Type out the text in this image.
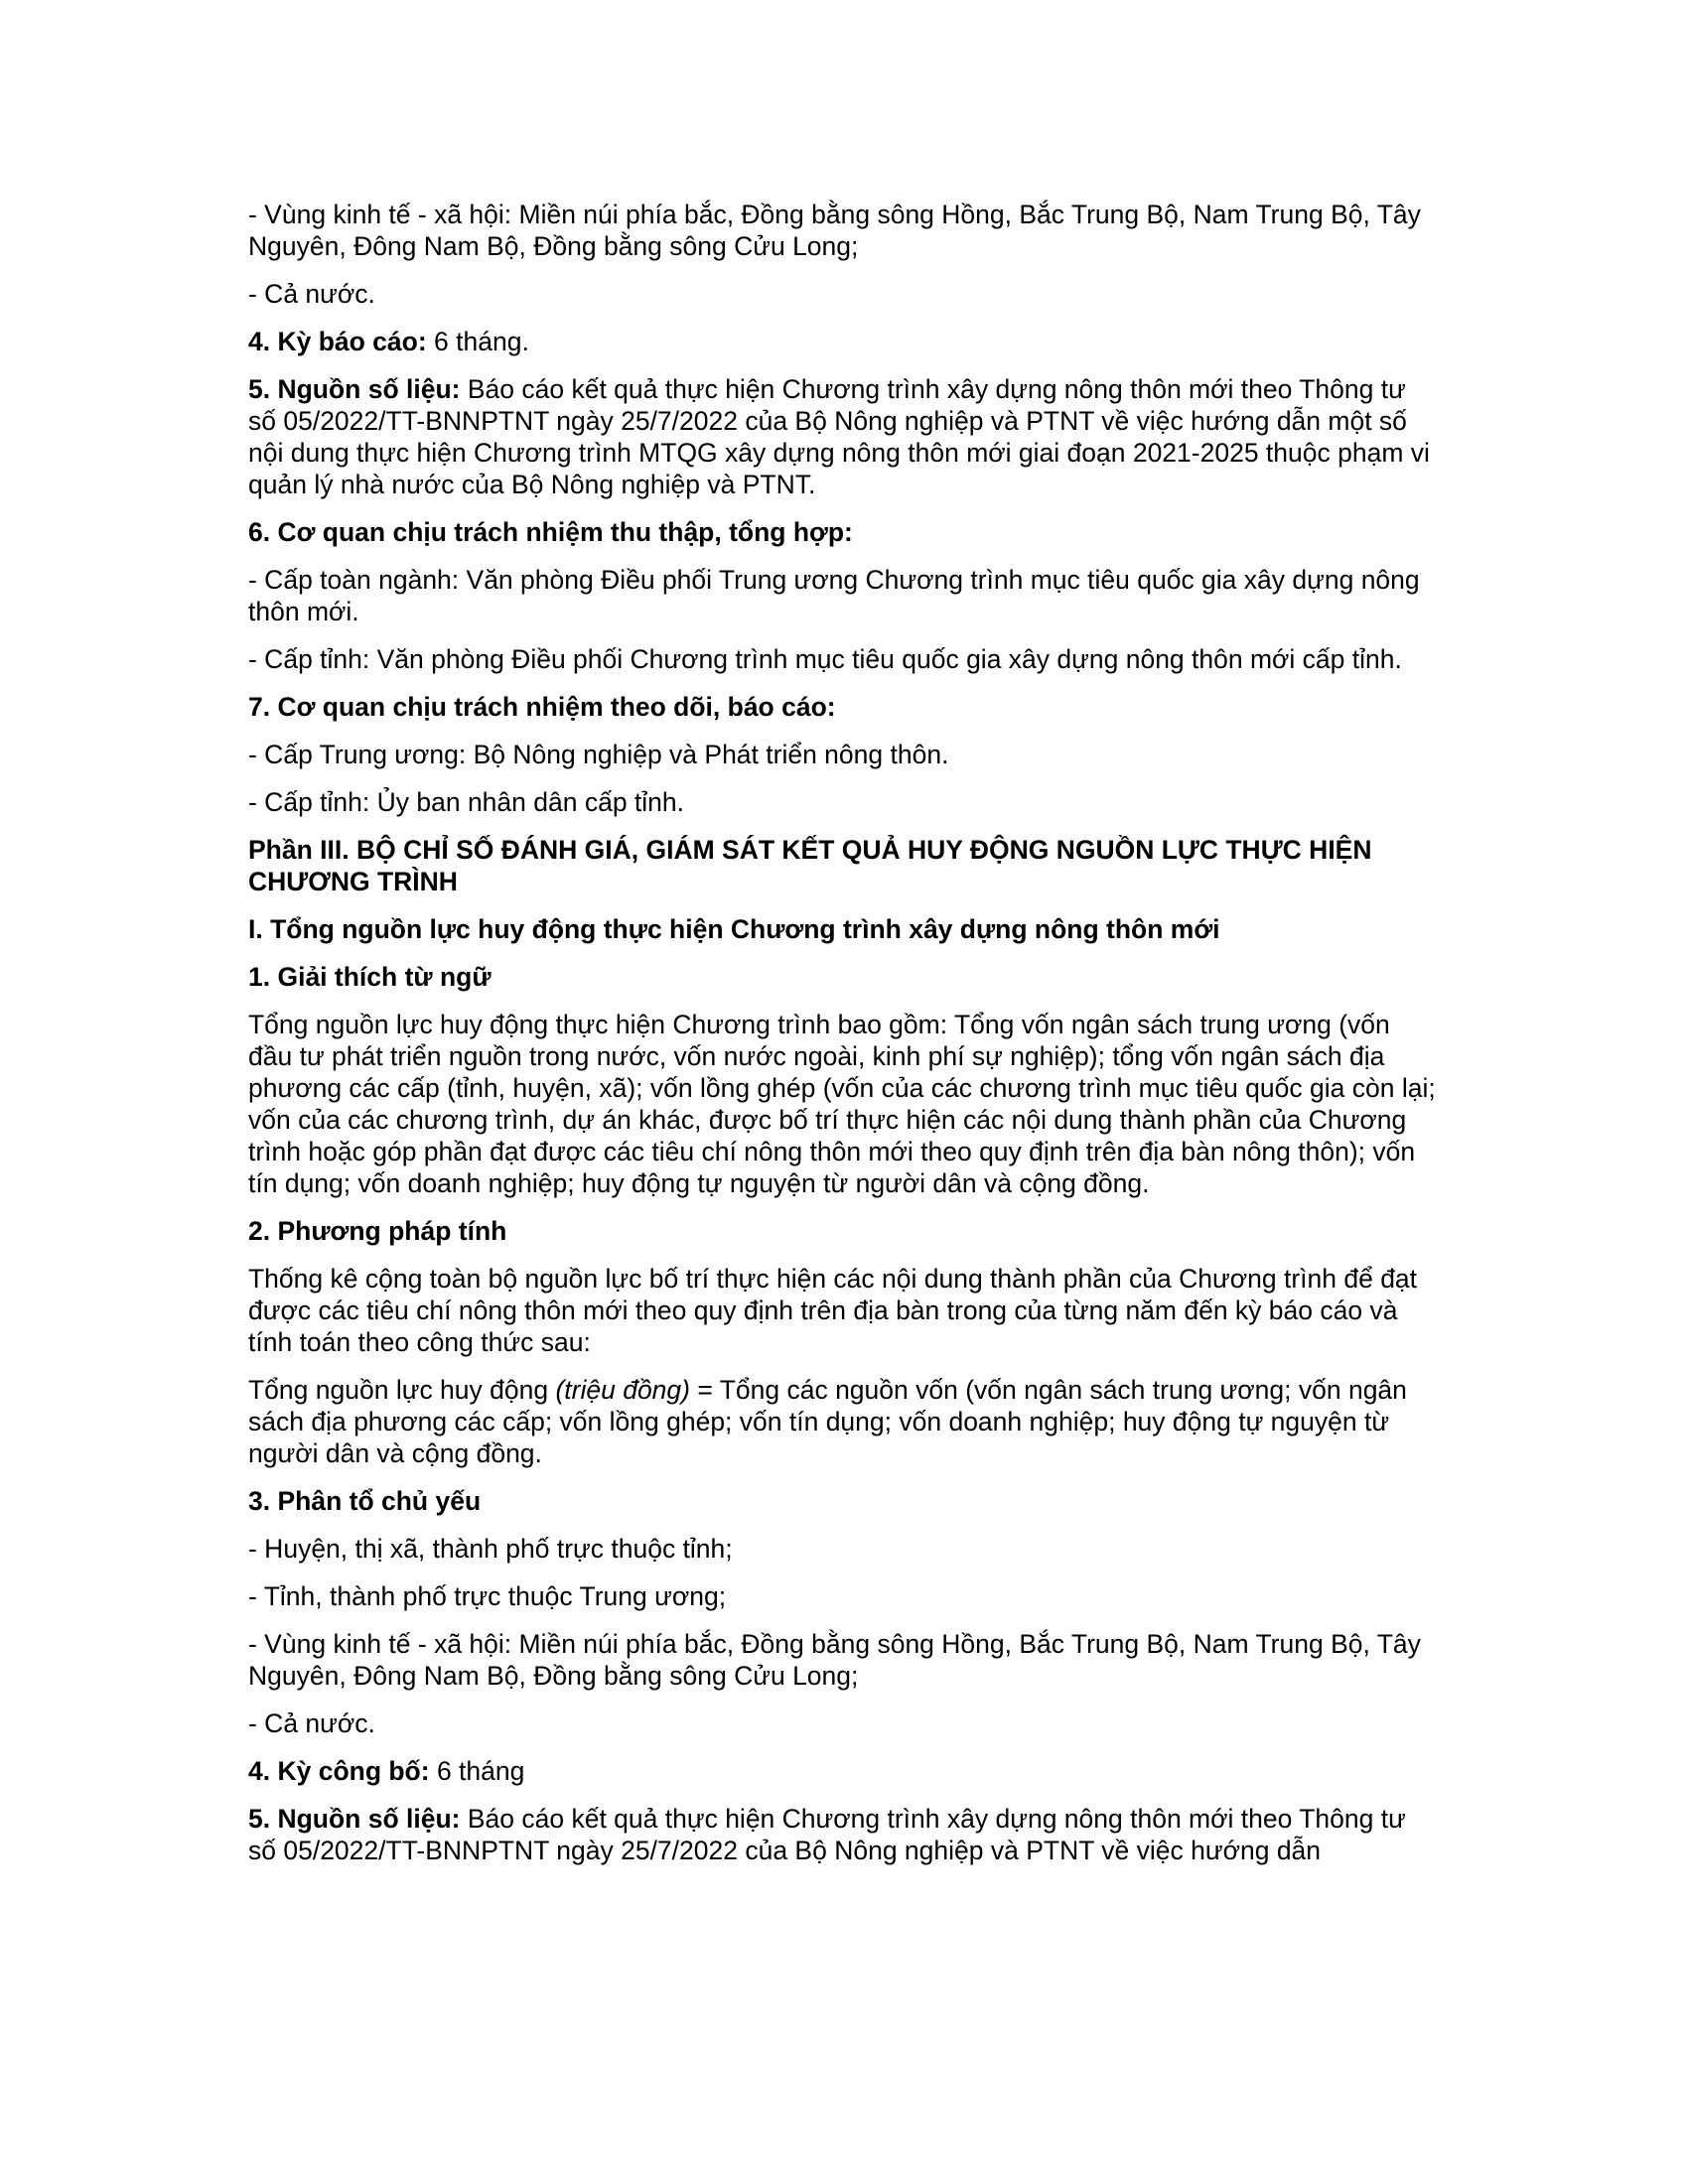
- Vùng kinh tế - xã hội: Miền núi phía bắc, Đồng bằng sông Hồng, Bắc Trung Bộ, Nam Trung Bộ, Tây Nguyên, Đông Nam Bộ, Đồng bằng sông Cửu Long;

- Cả nước.

4. Kỳ báo cáo: 6 tháng.

5. Nguồn số liệu: Báo cáo kết quả thực hiện Chương trình xây dựng nông thôn mới theo Thông tư số 05/2022/TT-BNNPTNT ngày 25/7/2022 của Bộ Nông nghiệp và PTNT về việc hướng dẫn một số nội dung thực hiện Chương trình MTQG xây dựng nông thôn mới giai đoạn 2021-2025 thuộc phạm vi quản lý nhà nước của Bộ Nông nghiệp và PTNT.

6. Cơ quan chịu trách nhiệm thu thập, tổng hợp:

- Cấp toàn ngành: Văn phòng Điều phối Trung ương Chương trình mục tiêu quốc gia xây dựng nông thôn mới.

- Cấp tỉnh: Văn phòng Điều phối Chương trình mục tiêu quốc gia xây dựng nông thôn mới cấp tỉnh.

7. Cơ quan chịu trách nhiệm theo dõi, báo cáo:

- Cấp Trung ương: Bộ Nông nghiệp và Phát triển nông thôn.

- Cấp tỉnh: Ủy ban nhân dân cấp tỉnh.

Phần III. BỘ CHỈ SỐ ĐÁNH GIÁ, GIÁM SÁT KẾT QUẢ HUY ĐỘNG NGUỒN LỰC THỰC HIỆN CHƯƠNG TRÌNH

I. Tổng nguồn lực huy động thực hiện Chương trình xây dựng nông thôn mới

1. Giải thích từ ngữ

Tổng nguồn lực huy động thực hiện Chương trình bao gồm: Tổng vốn ngân sách trung ương (vốn đầu tư phát triển nguồn trong nước, vốn nước ngoài, kinh phí sự nghiệp); tổng vốn ngân sách địa phương các cấp (tỉnh, huyện, xã); vốn lồng ghép (vốn của các chương trình mục tiêu quốc gia còn lại; vốn của các chương trình, dự án khác, được bố trí thực hiện các nội dung thành phần của Chương trình hoặc góp phần đạt được các tiêu chí nông thôn mới theo quy định trên địa bàn nông thôn); vốn tín dụng; vốn doanh nghiệp; huy động tự nguyện từ người dân và cộng đồng.

2. Phương pháp tính

Thống kê cộng toàn bộ nguồn lực bố trí thực hiện các nội dung thành phần của Chương trình để đạt được các tiêu chí nông thôn mới theo quy định trên địa bàn trong của từng năm đến kỳ báo cáo và tính toán theo công thức sau:

Tổng nguồn lực huy động (triệu đồng) = Tổng các nguồn vốn (vốn ngân sách trung ương; vốn ngân sách địa phương các cấp; vốn lồng ghép; vốn tín dụng; vốn doanh nghiệp; huy động tự nguyện từ người dân và cộng đồng.

3. Phân tổ chủ yếu

- Huyện, thị xã, thành phố trực thuộc tỉnh;

- Tỉnh, thành phố trực thuộc Trung ương;

- Vùng kinh tế - xã hội: Miền núi phía bắc, Đồng bằng sông Hồng, Bắc Trung Bộ, Nam Trung Bộ, Tây Nguyên, Đông Nam Bộ, Đồng bằng sông Cửu Long;

- Cả nước.

4. Kỳ công bố: 6 tháng

5. Nguồn số liệu: Báo cáo kết quả thực hiện Chương trình xây dựng nông thôn mới theo Thông tư số 05/2022/TT-BNNPTNT ngày 25/7/2022 của Bộ Nông nghiệp và PTNT về việc hướng dẫn
